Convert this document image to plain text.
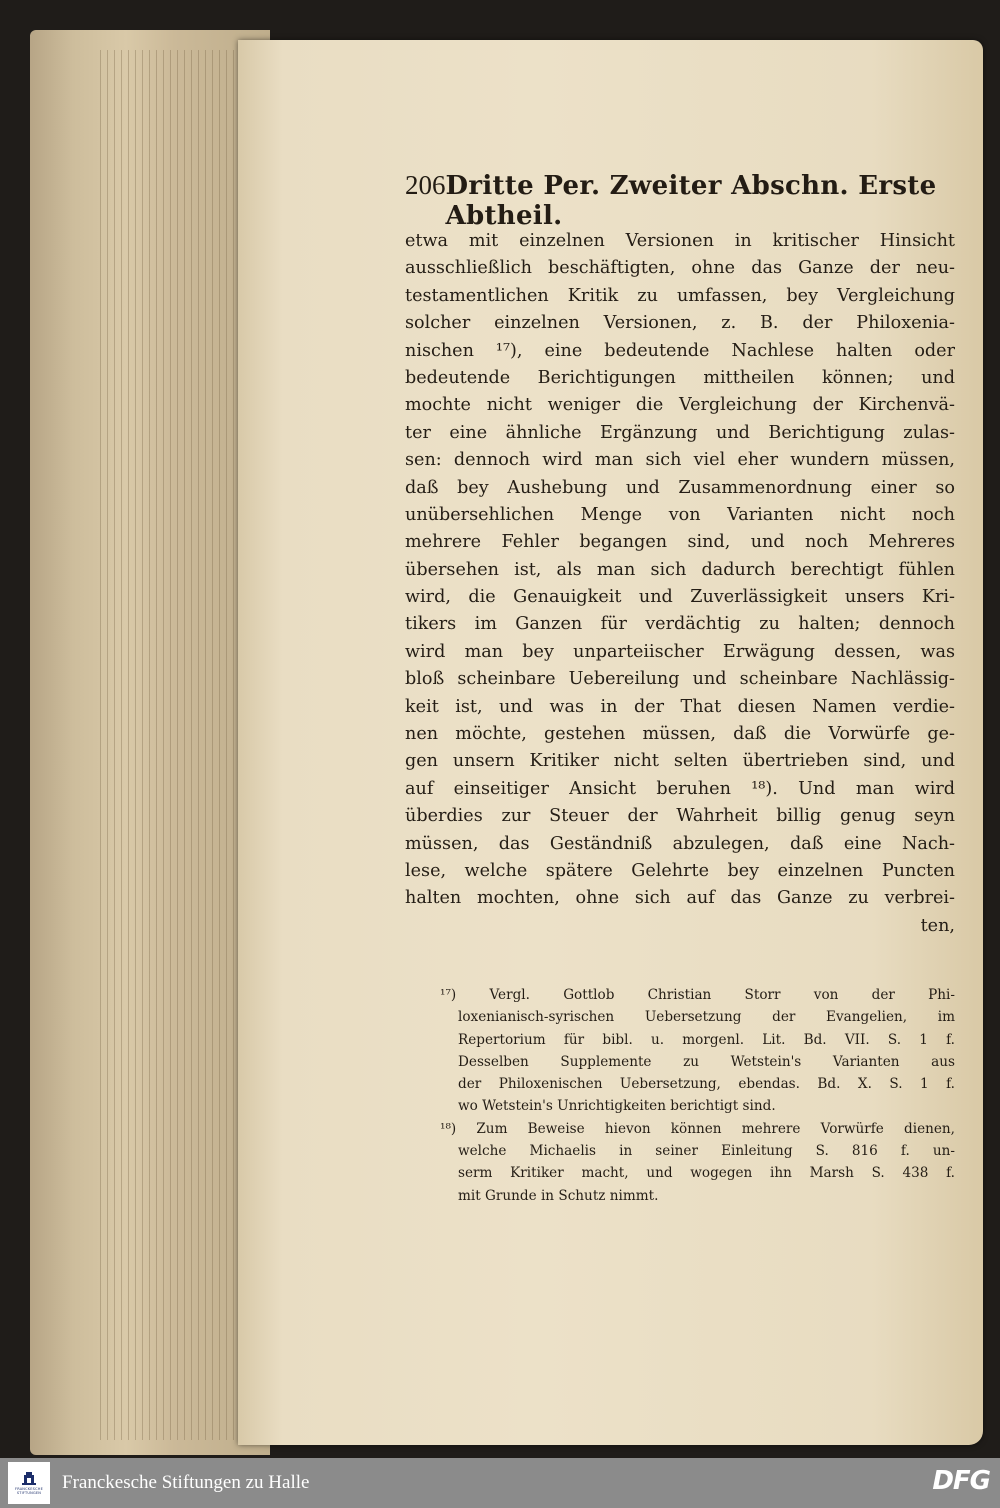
206 Dritte Per. Zweiter Abschn. Erste Abtheil.
etwa mit einzelnen Versionen in kritischer Hinsicht
ausschließlich beschäftigten, ohne das Ganze der neu-
testamentlichen Kritik zu umfassen, bey Vergleichung
solcher einzelnen Versionen, z. B. der Philoxenia-
nischen ¹⁷), eine bedeutende Nachlese halten oder
bedeutende Berichtigungen mittheilen können; und
mochte nicht weniger die Vergleichung der Kirchenvä-
ter eine ähnliche Ergänzung und Berichtigung zulas-
sen: dennoch wird man sich viel eher wundern müssen,
daß bey Aushebung und Zusammenordnung einer so
unübersehlichen Menge von Varianten nicht noch
mehrere Fehler begangen sind, und noch Mehreres
übersehen ist, als man sich dadurch berechtigt fühlen
wird, die Genauigkeit und Zuverlässigkeit unsers Kri-
tikers im Ganzen für verdächtig zu halten; dennoch
wird man bey unparteiischer Erwägung dessen, was
bloß scheinbare Uebereilung und scheinbare Nachlässig-
keit ist, und was in der That diesen Namen verdie-
nen möchte, gestehen müssen, daß die Vorwürfe ge-
gen unsern Kritiker nicht selten übertrieben sind, und
auf einseitiger Ansicht beruhen ¹⁸). Und man wird
überdies zur Steuer der Wahrheit billig genug seyn
müssen, das Geständniß abzulegen, daß eine Nach-
lese, welche spätere Gelehrte bey einzelnen Puncten
halten mochten, ohne sich auf das Ganze zu verbrei-
ten,
¹⁷) Vergl. Gottlob Christian Storr von der Phi-
loxenianisch-syrischen Uebersetzung der Evangelien, im
Repertorium für bibl. u. morgenl. Lit. Bd. VII. S. 1 f.
Desselben Supplemente zu Wetstein's Varianten aus
der Philoxenischen Uebersetzung, ebendas. Bd. X. S. 1 f.
wo Wetstein's Unrichtigkeiten berichtigt sind.
¹⁸) Zum Beweise hievon können mehrere Vorwürfe dienen,
welche Michaelis in seiner Einleitung S. 816 f. un-
serm Kritiker macht, und wogegen ihn Marsh S. 438 f.
mit Grunde in Schutz nimmt.
FRANCKESCHE
STIFTUNGEN Franckesche Stiftungen zu Halle	DFG
